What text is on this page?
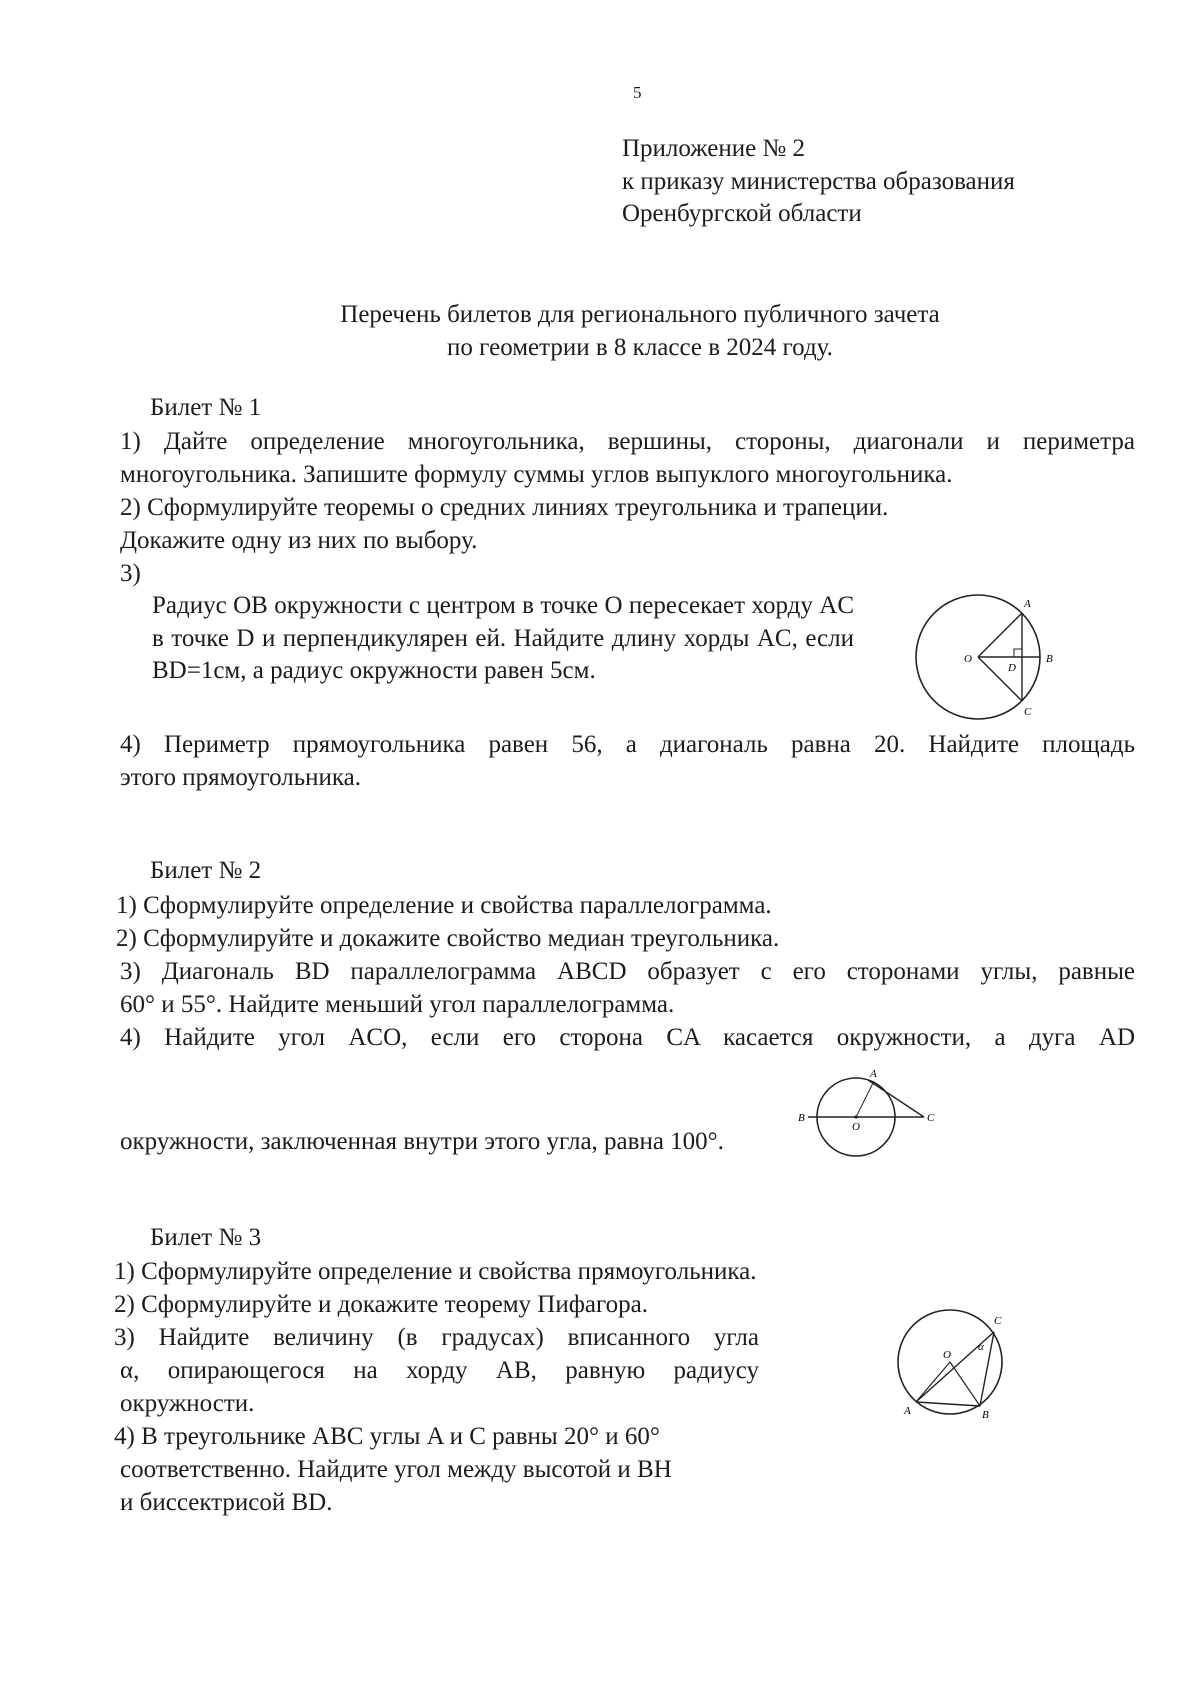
5
Приложение № 2
к приказу министерства образования
Оренбургской области
Перечень билетов для регионального публичного зачета
по геометрии в 8 классе в 2024 году.
Билет № 1
1) Дайте определение многоугольника, вершины, стороны, диагонали и периметра
многоугольника. Запишите формулу суммы углов выпуклого многоугольника.
2) Сформулируйте теоремы о средних линиях треугольника и трапеции.
Докажите одну из них по выбору.
3)
Радиус OB окружности с центром в точке O пересекает хорду AC в точке D и перпендикулярен ей. Найдите длину хорды AC, если BD=1см, а радиус окружности равен 5см.
A
O
D
B
C
4) Периметр прямоугольника равен 56, а диагональ равна 20. Найдите площадь
этого прямоугольника.
Билет № 2
1) Сформулируйте определение и свойства параллелограмма.
2) Сформулируйте и докажите свойство медиан треугольника.
3) Диагональ BD параллелограмма ABCD образует с его сторонами углы, равные
60° и 55°. Найдите меньший угол параллелограмма.
4) Найдите угол ACO, если его сторона CA касается окружности, а дуга AD
A
B
O
C
окружности, заключенная внутри этого угла, равна 100°.
Билет № 3
1) Сформулируйте определение и свойства прямоугольника.
2) Сформулируйте и докажите теорему Пифагора.
3) Найдите величину (в градусах) вписанного угла
α, опирающегося на хорду AB, равную радиусу
окружности.
4) В треугольнике ABC углы A и C равны 20° и 60°
соответственно. Найдите угол между высотой и BH
и биссектрисой BD.
C
O
α
A	B
